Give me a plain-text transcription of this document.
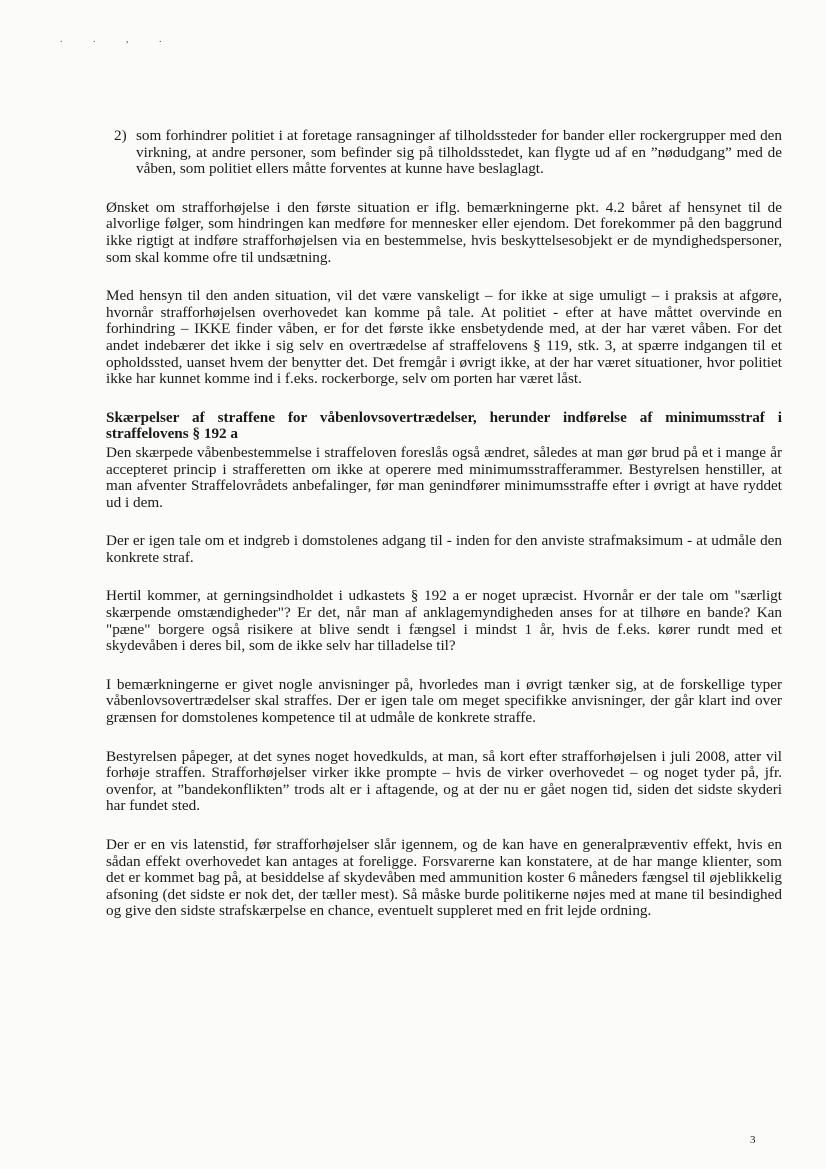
. . , .
2) som forhindrer politiet i at foretage ransagninger af tilholdssteder for bander eller rockergrupper med den virkning, at andre personer, som befinder sig på tilholdsstedet, kan flygte ud af en ”nødudgang” med de våben, som politiet ellers måtte forventes at kunne have beslaglagt.

Ønsket om strafforhøjelse i den første situation er iflg. bemærkningerne pkt. 4.2 båret af hensynet til de alvorlige følger, som hindringen kan medføre for mennesker eller ejendom. Det forekommer på den baggrund ikke rigtigt at indføre strafforhøjelsen via en bestemmelse, hvis beskyttelsesobjekt er de myndighedspersoner, som skal komme ofre til undsætning.

Med hensyn til den anden situation, vil det være vanskeligt – for ikke at sige umuligt – i praksis at afgøre, hvornår strafforhøjelsen overhovedet kan komme på tale. At politiet - efter at have måttet overvinde en forhindring – IKKE finder våben, er for det første ikke ensbetydende med, at der har været våben. For det andet indebærer det ikke i sig selv en overtrædelse af straffelovens § 119, stk. 3, at spærre indgangen til et opholdssted, uanset hvem der benytter det. Det fremgår i øvrigt ikke, at der har været situationer, hvor politiet ikke har kunnet komme ind i f.eks. rockerborge, selv om porten har været låst.

Skærpelser af straffene for våbenlovsovertrædelser, herunder indførelse af minimumsstraf i straffelovens § 192 a

Den skærpede våbenbestemmelse i straffeloven foreslås også ændret, således at man gør brud på et i mange år accepteret princip i strafferetten om ikke at operere med minimumsstrafferammer. Bestyrelsen henstiller, at man afventer Straffelovrådets anbefalinger, før man genindfører minimumsstraffe efter i øvrigt at have ryddet ud i dem.

Der er igen tale om et indgreb i domstolenes adgang til - inden for den anviste strafmaksimum - at udmåle den konkrete straf.

Hertil kommer, at gerningsindholdet i udkastets § 192 a er noget upræcist. Hvornår er der tale om "særligt skærpende omstændigheder"? Er det, når man af anklagemyndigheden anses for at tilhøre en bande? Kan "pæne" borgere også risikere at blive sendt i fængsel i mindst 1 år, hvis de f.eks. kører rundt med et skydevåben i deres bil, som de ikke selv har tilladelse til?

I bemærkningerne er givet nogle anvisninger på, hvorledes man i øvrigt tænker sig, at de forskellige typer våbenlovsovertrædelser skal straffes. Der er igen tale om meget specifikke anvisninger, der går klart ind over grænsen for domstolenes kompetence til at udmåle de konkrete straffe.

Bestyrelsen påpeger, at det synes noget hovedkulds, at man, så kort efter strafforhøjelsen i juli 2008, atter vil forhøje straffen. Strafforhøjelser virker ikke prompte – hvis de virker overhovedet – og noget tyder på, jfr. ovenfor, at ”bandekonflikten” trods alt er i aftagende, og at der nu er gået nogen tid, siden det sidste skyderi har fundet sted.

Der er en vis latenstid, før strafforhøjelser slår igennem, og de kan have en generalpræventiv effekt, hvis en sådan effekt overhovedet kan antages at foreligge. Forsvarerne kan konstatere, at de har mange klienter, som det er kommet bag på, at besiddelse af skydevåben med ammunition koster 6 måneders fængsel til øjeblikkelig afsoning (det sidste er nok det, der tæller mest). Så måske burde politikerne nøjes med at mane til besindighed og give den sidste strafskærpelse en chance, eventuelt suppleret med en frit lejde ordning.

3
